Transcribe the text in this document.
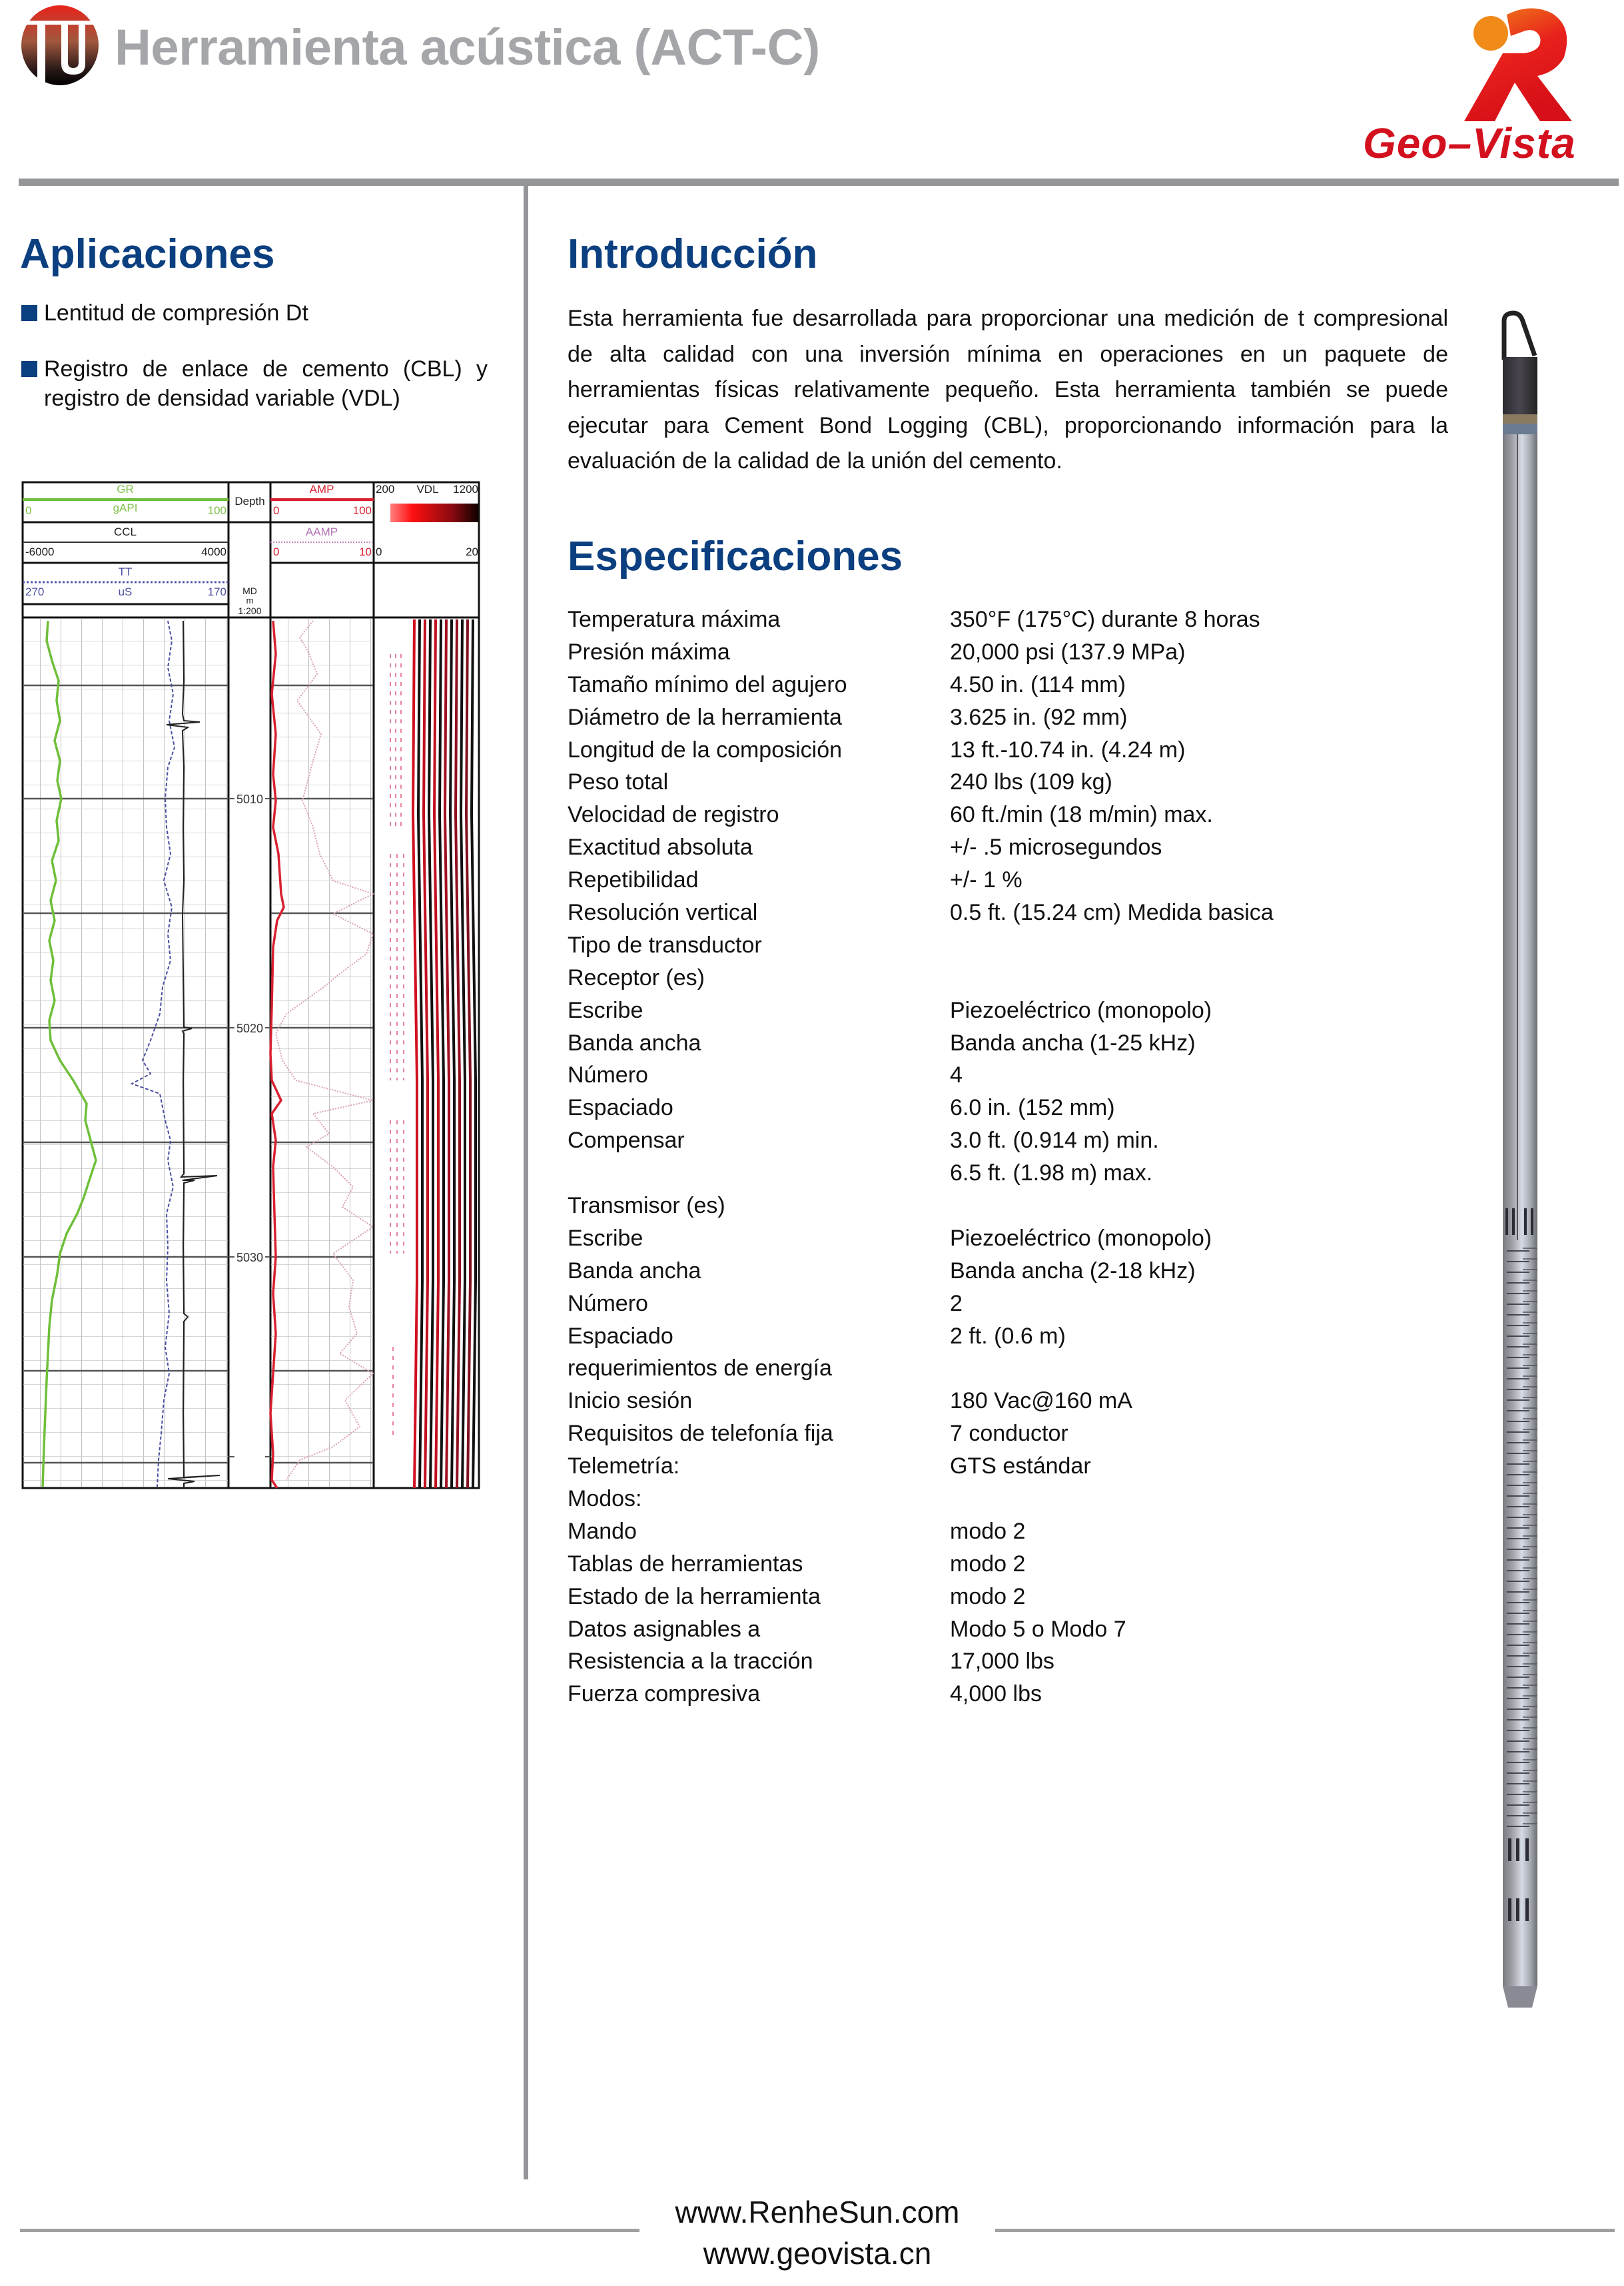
Herramienta acústica (ACT-C)
Geo–Vista
Aplicaciones
Lentitud de compresión Dt
Registro de enlace de cemento (CBL) y registro de densidad variable (VDL)
GR
gAPI
0	100
CCL
-6000	4000
TT
uS
270	170
Depth
MD
m
1:200
AMP
0	100
AAMP
0	10
VDL
200	1200
0	20
5010
5020
5030
Introducción

Esta herramienta fue desarrollada para proporcionar una medición de t compresional de alta calidad con una inversión mínima en operaciones en un paquete de herramientas físicas relativamente pequeño. Esta herramienta también se puede ejecutar para Cement Bond Logging (CBL), proporcionando información para la evaluación de la calidad de la unión del cemento.

Especificaciones
Temperatura máxima	350°F (175°C) durante 8 horas
Presión máxima	20,000 psi (137.9 MPa)
Tamaño mínimo del agujero	4.50 in. (114 mm)
Diámetro de la herramienta	3.625 in. (92 mm)
Longitud de la composición	13 ft.-10.74 in. (4.24 m)
Peso total	240 lbs (109 kg)
Velocidad de registro	60 ft./min (18 m/min) max.
Exactitud absoluta	+/- .5 microsegundos
Repetibilidad	+/- 1 %
Resolución vertical	0.5 ft. (15.24 cm) Medida basica
Tipo de transductor
Receptor (es)
Escribe	Piezoeléctrico (monopolo)
Banda ancha	Banda ancha (1-25 kHz)
Número	4
Espaciado	6.0 in. (152 mm)
Compensar	3.0 ft. (0.914 m) min.
6.5 ft. (1.98 m) max.
Transmisor (es)
Escribe	Piezoeléctrico (monopolo)
Banda ancha	Banda ancha (2-18 kHz)
Número	2
Espaciado	2 ft. (0.6 m)
requerimientos de energía
Inicio sesión	180 Vac@160 mA
Requisitos de telefonía fija	7 conductor
Telemetría:	GTS estándar
Modos:
Mando	modo 2
Tablas de herramientas	modo 2
Estado de la herramienta	modo 2
Datos asignables a	Modo 5 o Modo 7
Resistencia a la tracción	17,000 lbs
Fuerza compresiva	4,000 lbs
www.RenheSun.com
www.geovista.cn
